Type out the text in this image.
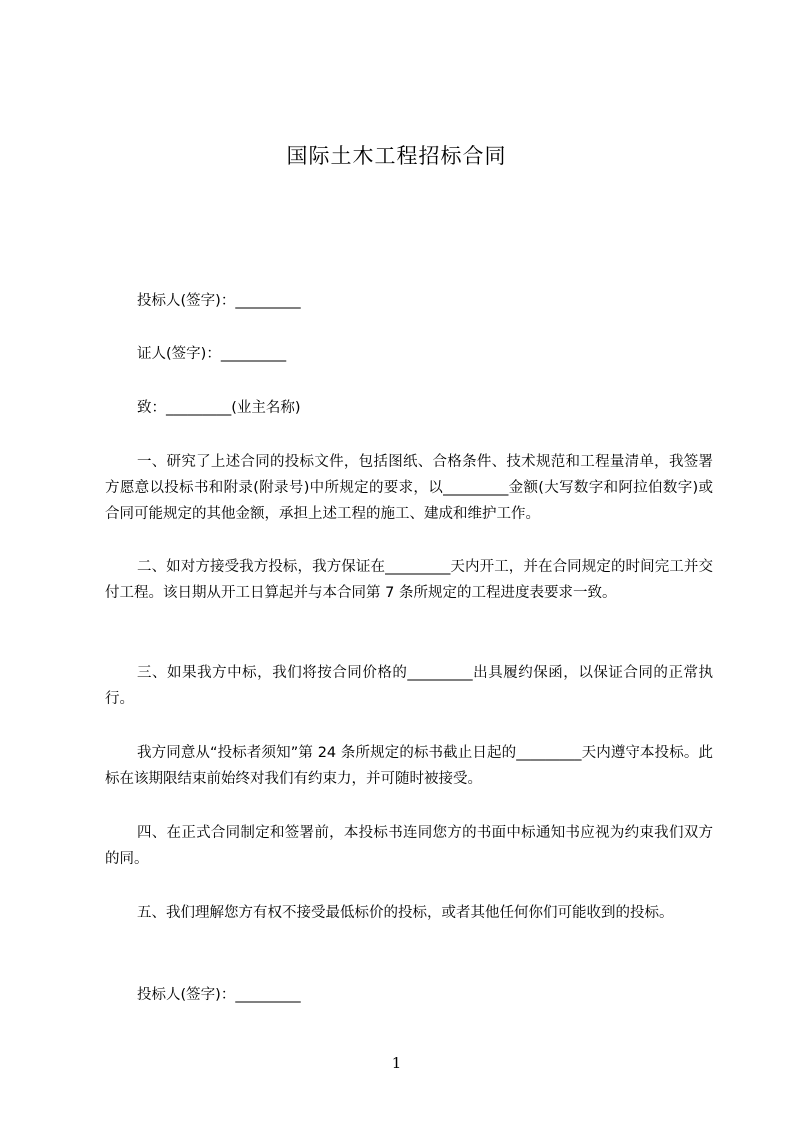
国际土木工程招标合同
投标人(签字)：_________
证人(签字)：_________
致：_________(业主名称)
一、研究了上述合同的投标文件，包括图纸、合格条件、技术规范和工程量清单，我签署方愿意以投标书和附录(附录号)中所规定的要求，以_________金额(大写数字和阿拉伯数字)或合同可能规定的其他金额，承担上述工程的施工、建成和维护工作。
二、如对方接受我方投标，我方保证在_________天内开工，并在合同规定的时间完工并交付工程。该日期从开工日算起并与本合同第 7 条所规定的工程进度表要求一致。
三、如果我方中标，我们将按合同价格的_________出具履约保函，以保证合同的正常执行。
我方同意从“投标者须知”第 24 条所规定的标书截止日起的_________天内遵守本投标。此标在该期限结束前始终对我们有约束力，并可随时被接受。
四、在正式合同制定和签署前，本投标书连同您方的书面中标通知书应视为约束我们双方的同。
五、我们理解您方有权不接受最低标价的投标，或者其他任何你们可能收到的投标。
投标人(签字)：_________
1
